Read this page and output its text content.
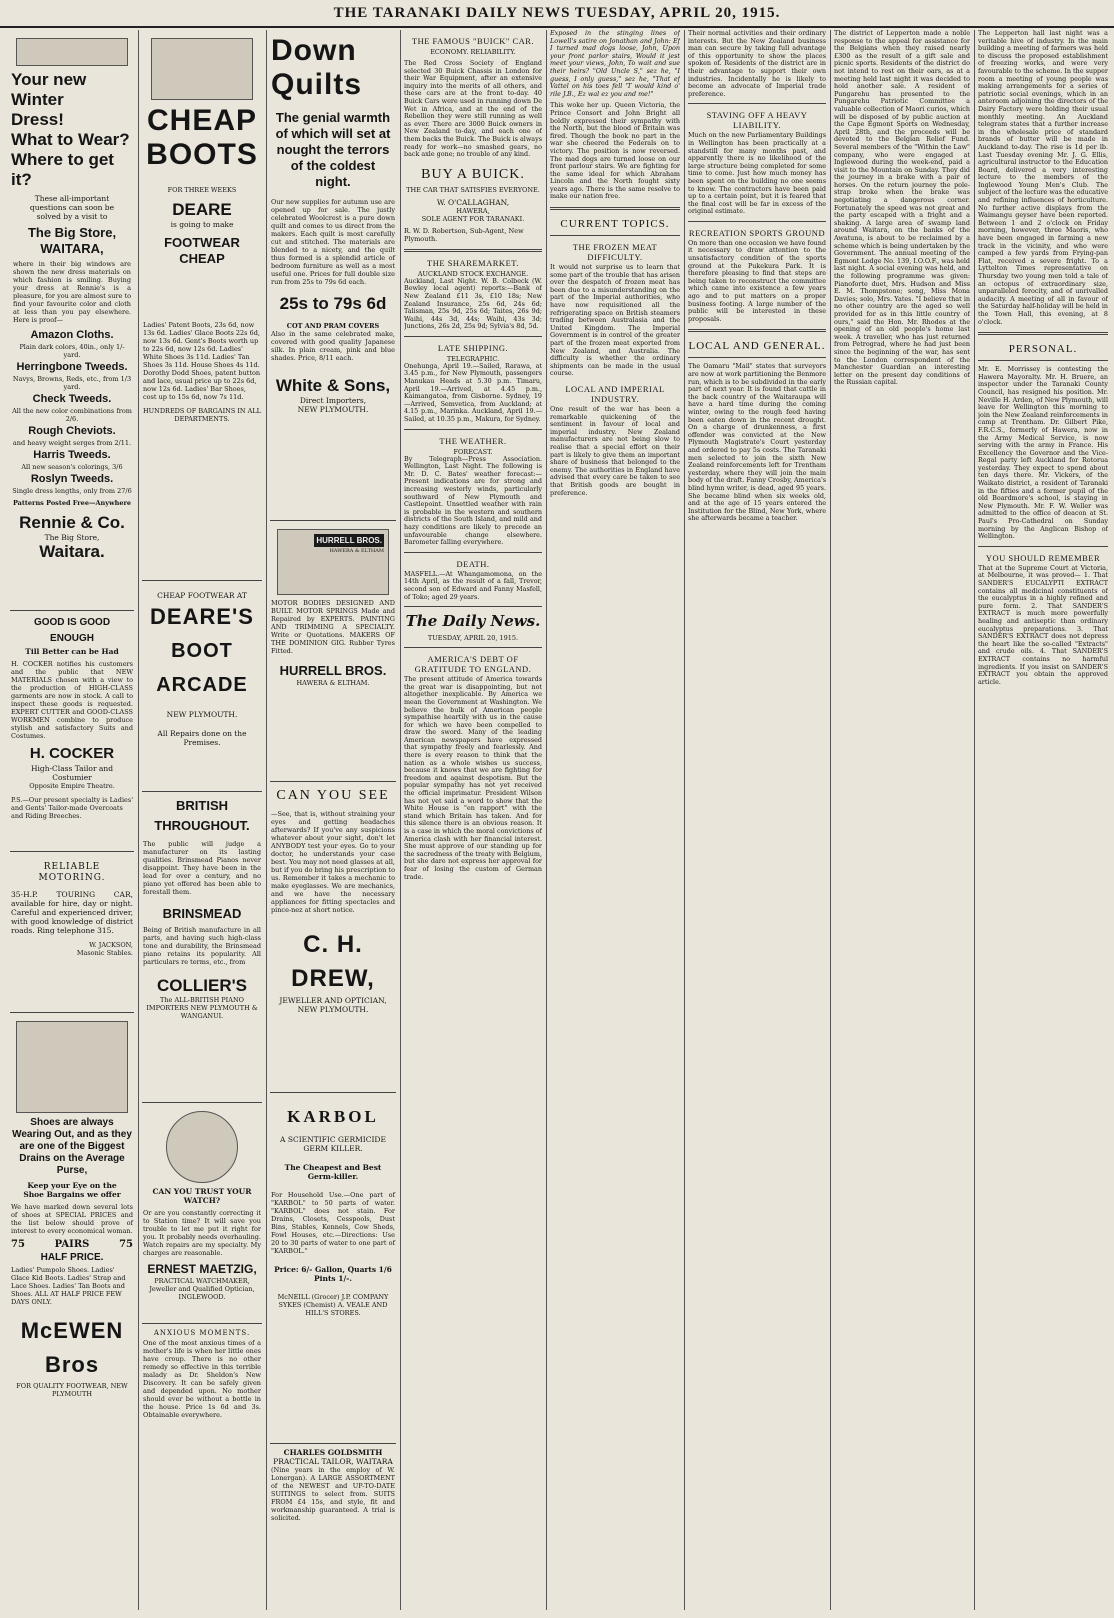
THE TARANAKI DAILY NEWS TUESDAY, APRIL 20, 1915.
Your new Winter
Dress!
What to Wear?
Where to get it?
These all-important questions can soon be solved by a visit to
The Big Store,
WAITARA,
where in their big windows are shown the new dress materials on which fashion is smiling. Buying your dress at Rennie's is a pleasure, for you are almost sure to find your favourite color and cloth at less than you pay elsewhere. Here is proof—
Amazon Cloths.
Plain dark colors, 40in., only 1/- yard.
Herringbone Tweeds.
Navys, Browns, Reds, etc., from 1/3 yard.
Check Tweeds.
All the new color combinations from 2/6.
Rough Cheviots.
and heavy weight serges from 2/11.
Harris Tweeds.
All new season's colorings, 3/6
Roslyn Tweeds.
Single dress lengths, only from 27/6
Patterns Posted Free—Anywhere
Rennie & Co.
The Big Store,
Waitara.
GOOD IS GOOD ENOUGH
Till Better can be Had
H. COCKER notifies his customers and the public that NEW MATERIALS chosen with a view to the production of HIGH-CLASS garments are now in stock. A call to inspect these goods is requested. EXPERT CUTTER and GOOD-CLASS WORKMEN combine to produce stylish and satisfactory Suits and Costumes.
H. COCKER
High-Class Tailor and Costumier
Opposite Empire Theatre.
P.S.—Our present specialty is Ladies' and Gents' Tailor-made Overcoats and Riding Breeches.
RELIABLE MOTORING.
35-H.P. TOURING CAR, available for hire, day or night. Careful and experienced driver, with good knowledge of district roads. Ring telephone 315.
W. JACKSON,
Masonic Stables.
Shoes are always Wearing Out, and as they are one of the Biggest Drains on the Average Purse,
Keep your Eye on the Shoe Bargains we offer
We have marked down several lots of shoes at SPECIAL PRICES and the list below should prove of interest to every economical woman.
75	PAIRS	75
HALF PRICE.
Ladies' Pumpolo Shoes. Ladies' Glace Kid Boots. Ladies' Strap and Lace Shoes. Ladies' Tan Boots and Shoes. ALL AT HALF PRICE FEW DAYS ONLY.
McEWEN Bros
FOR QUALITY FOOTWEAR, NEW PLYMOUTH
CHEAP
BOOTS
FOR THREE WEEKS
DEARE
is going to make
FOOTWEAR CHEAP
Ladies' Patent Boots, 23s 6d, now 13s 6d. Ladies' Glace Boots 22s 6d, now 13s 6d. Gent's Boots worth up to 22s 6d, now 12s 6d. Ladies' White Shoes 3s 11d. Ladies' Tan Shoes 3s 11d. House Shoes 4s 11d. Dorothy Dodd Shoes, patent button and lace, usual price up to 22s 6d, now 12s 6d. Ladies' Bar Shoes, cost up to 15s 6d, now 7s 11d.
HUNDREDS OF BARGAINS IN ALL DEPARTMENTS.
CHEAP FOOTWEAR AT
DEARE'S
BOOT ARCADE
NEW PLYMOUTH.
All Repairs done on the Premises.
BRITISH THROUGHOUT.
The public will judge a manufacturer on its lasting qualities. Brinsmead Pianos never disappoint. They have been in the lead for over a century, and no piano yet offered has been able to forestall them.
BRINSMEAD
Being of British manufacture in all parts, and having such high-class tone and durability, the Brinsmead piano retains its popularity. All particulars re terms, etc., from
COLLIER'S
The ALL-BRITISH PIANO IMPORTERS NEW PLYMOUTH & WANGANUI.
CAN YOU TRUST YOUR WATCH?
Or are you constantly correcting it to Station time? It will save you trouble to let me put it right for you. It probably needs overhauling. Watch repairs are my specialty. My charges are reasonable.
ERNEST MAETZIG,
PRACTICAL WATCHMAKER, Jeweller and Qualified Optician, INGLEWOOD.
ANXIOUS MOMENTS.
One of the most anxious times of a mother's life is when her little ones have croup. There is no other remedy so effective in this terrible malady as Dr. Sheldon's New Discovery. It can be safely given and depended upon. No mother should ever be without a bottle in the house. Price 1s 6d and 3s. Obtainable everywhere.
Down
Quilts
The genial warmth of which will set at nought the terrors of the coldest night.
Our new supplies for autumn use are opened up for sale. The justly celebrated Woolcrest is a pure down quilt and comes to us direct from the makers. Each quilt is most carefully cut and stitched. The materials are blended to a nicety, and the quilt thus formed is a splendid article of bedroom furniture as well as a most useful one. Prices for full double size run from 25s to 79s 6d each.
25s to 79s 6d
COT AND PRAM COVERS
Also in the same celebrated make, covered with good quality Japanese silk. In plain cream, pink and blue shades. Price, 8/11 each.
White & Sons,
Direct Importers,
NEW PLYMOUTH.
HURRELL BROS.
HAWERA & ELTHAM
MOTOR BODIES DESIGNED AND BUILT. MOTOR SPRINGS Made and Repaired by EXPERTS. PAINTING AND TRIMMING A SPECIALTY. Write or Quotations. MAKERS OF THE DOMINION GIG. Rubber Tyres Fitted.
HURRELL BROS.
HAWERA & ELTHAM.
CAN YOU SEE
—See, that is, without straining your eyes and getting headaches afterwards? If you've any suspicions whatever about your sight, don't let ANYBODY test your eyes. Go to your doctor, he understands your case best. You may not need glasses at all, but if you do bring his prescription to us. Remember it takes a mechanic to make eyeglasses. We are mechanics, and we have the necessary appliances for fitting spectacles and pince-nez at short notice.
C. H. DREW,
JEWELLER AND OPTICIAN, NEW PLYMOUTH.
KARBOL
A SCIENTIFIC GERMICIDE GERM KILLER.
The Cheapest and Best Germ-killer.
For Household Use.—One part of "KARBOL" to 50 parts of water. "KARBOL" does not stain. For Drains, Closets, Cesspools, Dust Bins, Stables, Kennels, Cow Sheds, Fowl Houses, etc.—Directions: Use 20 to 30 parts of water to one part of "KARBOL."
Price: 6/- Gallon, Quarts 1/6 Pints 1/-.
McNEILL (Grocer) J.P. COMPANY SYKES (Chemist) A. VEALE AND HILL'S STORES.
CHARLES GOLDSMITH
PRACTICAL TAILOR, WAITARA
(Nine years in the employ of W. Lonergan). A LARGE ASSORTMENT of the NEWEST and UP-TO-DATE SUITINGS to select from. SUITS FROM £4 15s, and style, fit and workmanship guaranteed. A trial is solicited.
THE FAMOUS "BUICK" CAR.
ECONOMY. RELIABILITY.
The Red Cross Society of England selected 30 Buick Chassis in London for their War Equipment, after an extensive inquiry into the merits of all others, and these cars are at the front to-day. 40 Buick Cars were used in running down De Wet in Africa, and at the end of the Rebellion they were still running as well as ever. There are 3000 Buick owners in New Zealand to-day, and each one of them backs the Buick. The Buick is always ready for work—no smashed gears, no back axle gone; no trouble of any kind.
BUY A BUICK.
THE CAR THAT SATISFIES EVERYONE.
W. O'CALLAGHAN,
HAWERA,
SOLE AGENT FOR TARANAKI.
R. W. D. Robertson, Sub-Agent, New Plymouth.
THE SHAREMARKET.
AUCKLAND STOCK EXCHANGE.
Auckland, Last Night. W. B. Colbeck (W. Bewley local agent) reports:—Bank of New Zealand £11 3s, £10 18s; New Zealand Insurance, 25s 6d, 24s 6d; Talisman, 25s 9d, 25s 6d; Taites, 26s 9d; Waihi, 44s 3d, 44s; Waihi, 43s 3d; Junctions, 26s 2d, 25s 9d; Sylvia's 8d, 5d.
LATE SHIPPING.
TELEGRAPHIC.
Onehunga, April 19.—Sailed, Rarawa, at 3.45 p.m., for New Plymouth, passengers Manukau Heads at 5.30 p.m. Timaru, April 19.—Arrived, at 4.45 p.m., Kaimangatoa, from Gisborne. Sydney, 19—Arrived, Semvetica, from Auckland; at 4.15 p.m., Marinka. Auckland, April 19.—Sailed, at 10.35 p.m., Makura, for Sydney.
THE WEATHER.
FORECAST.
By Telegraph—Press Association. Wellington, Last Night. The following is Mr. D. C. Bates' weather forecast:— Present indications are for strong and increasing westerly winds, particularly southward of New Plymouth and Castlepoint. Unsettled weather with rain is probable in the western and southern districts of the South Island, and mild and hazy conditions are likely to precede an unfavourable change elsewhere. Barometer falling everywhere.
DEATH.
MASFELL.—At Whangamomona, on the 14th April, as the result of a fall, Trevor, second son of Edward and Fanny Masfell, of Toko; aged 29 years.
The Daily News.
TUESDAY, APRIL 20, 1915.
AMERICA'S DEBT OF GRATITUDE TO ENGLAND.
The present attitude of America towards the great war is disappointing, but not altogether inexplicable. By America we mean the Government at Washington. We believe the bulk of American people sympathise heartily with us in the cause for which we have been compelled to draw the sword. Many of the leading American newspapers have expressed that sympathy freely and fearlessly. And there is every reason to think that the nation as a whole wishes us success, because it knows that we are fighting for freedom and against despotism. But the popular sympathy has not yet received the official imprimatur. President Wilson has not yet said a word to show that the White House is "en rapport" with the stand which Britain has taken. And for this silence there is an obvious reason. It is a case in which the moral convictions of America clash with her financial interest. She must approve of our standing up for the sacredness of the treaty with Belgium, but she dare not express her approval for fear of losing the custom of German trade.
Exposed in the stinging lines of Lowell's satire on Jonathan and John: Ef I turned mad dogs loose, John, Upon your front parlor stairs, Would it jest meet your views, John, To wait and sue their heirs? "Old Uncle S," sez he, "I guess, I only guess," sez he, "That ef Vattel on his toes fell 'T would kind o' rile J.B., Ez wal ez you and me!"
This woke her up. Queen Victoria, the Prince Consort and John Bright all boldly expressed their sympathy with the North, but the blood of Britain was fired. Though the book no part in the war she cheered the Federals on to victory. The position is now reversed. The mad dogs are turned loose on our front parlour stairs. We are fighting for the same ideal for which Abraham Lincoln and the North fought sixty years ago. There is the same resolve to make our nation free.
CURRENT TOPICS.
THE FROZEN MEAT DIFFICULTY.
It would not surprise us to learn that some part of the trouble that has arisen over the despatch of frozen meat has been due to a misunderstanding on the part of the Imperial authorities, who have now requisitioned all the refrigerating space on British steamers trading between Australasia and the United Kingdom. The Imperial Government is in control of the greater part of the frozen meat exported from New Zealand, and Australia. The difficulty is whether the ordinary shipments can be made in the usual course.
LOCAL AND IMPERIAL INDUSTRY.
One result of the war has been a remarkable quickening of the sentiment in favour of local and imperial industry. New Zealand manufacturers are not being slow to realise that a special effort on their part is likely to give them an important share of business that belonged to the enemy. The authorities in England have advised that every care be taken to see that British goods are bought in preference.
Their normal activities and their ordinary interests. But the New Zealand business man can secure by taking full advantage of this opportunity to show the places spoken of. Residents of the district are in their advantage to support their own industries. Incidentally he is likely to become an advocate of Imperial trade preference.
STAVING OFF A HEAVY LIABILITY.
Much on the new Parliamentary Buildings in Wellington has been practically at a standstill for many months past, and apparently there is no likelihood of the large structure being completed for some time to come. Just how much money has been spent on the building no one seems to know. The contractors have been paid up to a certain point, but it is feared that the final cost will be far in excess of the original estimate.
RECREATION SPORTS GROUND
On more than one occasion we have found it necessary to draw attention to the unsatisfactory condition of the sports ground at the Pukekura Park. It is therefore pleasing to find that steps are being taken to reconstruct the committee which came into existence a few years ago and to put matters on a proper business footing. A large number of the public will be interested in these proposals.
LOCAL AND GENERAL.
The Oamaru "Mail" states that surveyors are now at work partitioning the Benmore run, which is to be subdivided in the early part of next year. It is found that cattle in the back country of the Waitaraupa will have a hard time during the coming winter, owing to the rough feed having been eaten down in the recent drought. On a charge of drunkenness, a first offender was convicted at the New Plymouth Magistrate's Court yesterday and ordered to pay 5s costs. The Taranaki men selected to join the sixth New Zealand reinforcements left for Trentham yesterday, where they will join the main body of the draft. Fanny Crosby, America's blind hymn writer, is dead, aged 95 years. She became blind when six weeks old, and at the age of 15 years entered the Institution for the Blind, New York, where she afterwards became a teacher.
The district of Lepperton made a noble response to the appeal for assistance for the Belgians when they raised nearly £300 as the result of a gift sale and picnic sports. Residents of the district do not intend to rest on their oars, as at a meeting held last night it was decided to hold another sale. A resident of Pungarehu has presented to the Pungarehu Patriotic Committee a valuable collection of Maori curios, which will be disposed of by public auction at the Cape Egmont Sports on Wednesday, April 28th, and the proceeds will be devoted to the Belgian Relief Fund. Several members of the "Within the Law" company, who were engaged at Inglewood during the week-end, paid a visit to the Mountain on Sunday. They did the journey in a brake with a pair of horses. On the return journey the pole-strap broke when the brake was negotiating a dangerous corner. Fortunately the speed was not great and the party escaped with a fright and a shaking. A large area of swamp land around Waitara, on the banks of the Awatuna, is about to be reclaimed by a scheme which is being undertaken by the Government. The annual meeting of the Egmont Lodge No. 139, I.O.O.F., was held last night. A social evening was held, and the following programme was given: Pianoforte duet, Mrs. Hudson and Miss E. M. Thompstone; song, Miss Mona Davies; solo, Mrs. Yates. "I believe that in no other country are the aged so well provided for as in this little country of ours," said the Hon. Mr. Rhodes at the opening of an old people's home last week. A traveller, who has just returned from Petrograd, where he had just been since the beginning of the war, has sent to the London correspondent of the Manchester Guardian an interesting letter on the present day conditions of the Russian capital.
The Lepperton hall last night was a veritable hive of industry. In the main building a meeting of farmers was held to discuss the proposed establishment of freezing works, and were very favourable to the scheme. In the supper room a meeting of young people was making arrangements for a series of patriotic social evenings, which in an anteroom adjoining the directors of the Dairy Factory were holding their usual monthly meeting. An Auckland telegram states that a further increase in the wholesale price of standard brands of butter will be made in Auckland to-day. The rise is 1d per lb. Last Tuesday evening Mr. J. G. Ellis, agricultural instructor to the Education Board, delivered a very interesting lecture to the members of the Inglewood Young Men's Club. The subject of the lecture was the educative and refining influences of horticulture. No further active displays from the Waimangu geyser have been reported. Between 1 and 2 o'clock on Friday morning, however, three Maoris, who have been engaged in farming a new track in the vicinity, and who were camped a few yards from Frying-pan Flat, received a severe fright. To a Lyttelton Times representative on Thursday two young men told a tale of an octopus of extraordinary size, unparalleled ferocity, and of unrivalled audacity. A meeting of all in favour of the Saturday half-holiday will be held in the Town Hall, this evening, at 8 o'clock.
PERSONAL.
Mr. E. Morrissey is contesting the Hawera Mayoralty. Mr. H. Bruere, an inspector under the Taranaki County Council, has resigned his position. Mr. Neville H. Arden, of New Plymouth, will leave for Wellington this morning to join the New Zealand reinforcements in camp at Trentham. Dr. Gilbert Pike, F.R.C.S., formerly of Hawera, now in the Army Medical Service, is now serving with the army in France. His Excellency the Governor and the Vice-Regal party left Auckland for Rotorua yesterday. They expect to spend about ten days there. Mr. Vickers, of the Waikato district, a resident of Taranaki in the fifties and a former pupil of the old Boardmore's school, is staying in New Plymouth. Mr. F. W. Weller was admitted to the office of deacon at St. Paul's Pro-Cathedral on Sunday morning by the Anglican Bishop of Wellington.
YOU SHOULD REMEMBER
That at the Supreme Court at Victoria, at Melbourne, it was proved— 1. That SANDER'S EUCALYPTI EXTRACT contains all medicinal constituents of the eucalyptus in a highly refined and pure form. 2. That SANDER'S EXTRACT is much more powerfully healing and antiseptic than ordinary eucalyptus preparations. 3. That SANDER'S EXTRACT does not depress the heart like the so-called "Extracts" and crude oils. 4. That SANDER'S EXTRACT contains no harmful ingredients. If you insist on SANDER'S EXTRACT you obtain the approved article.
